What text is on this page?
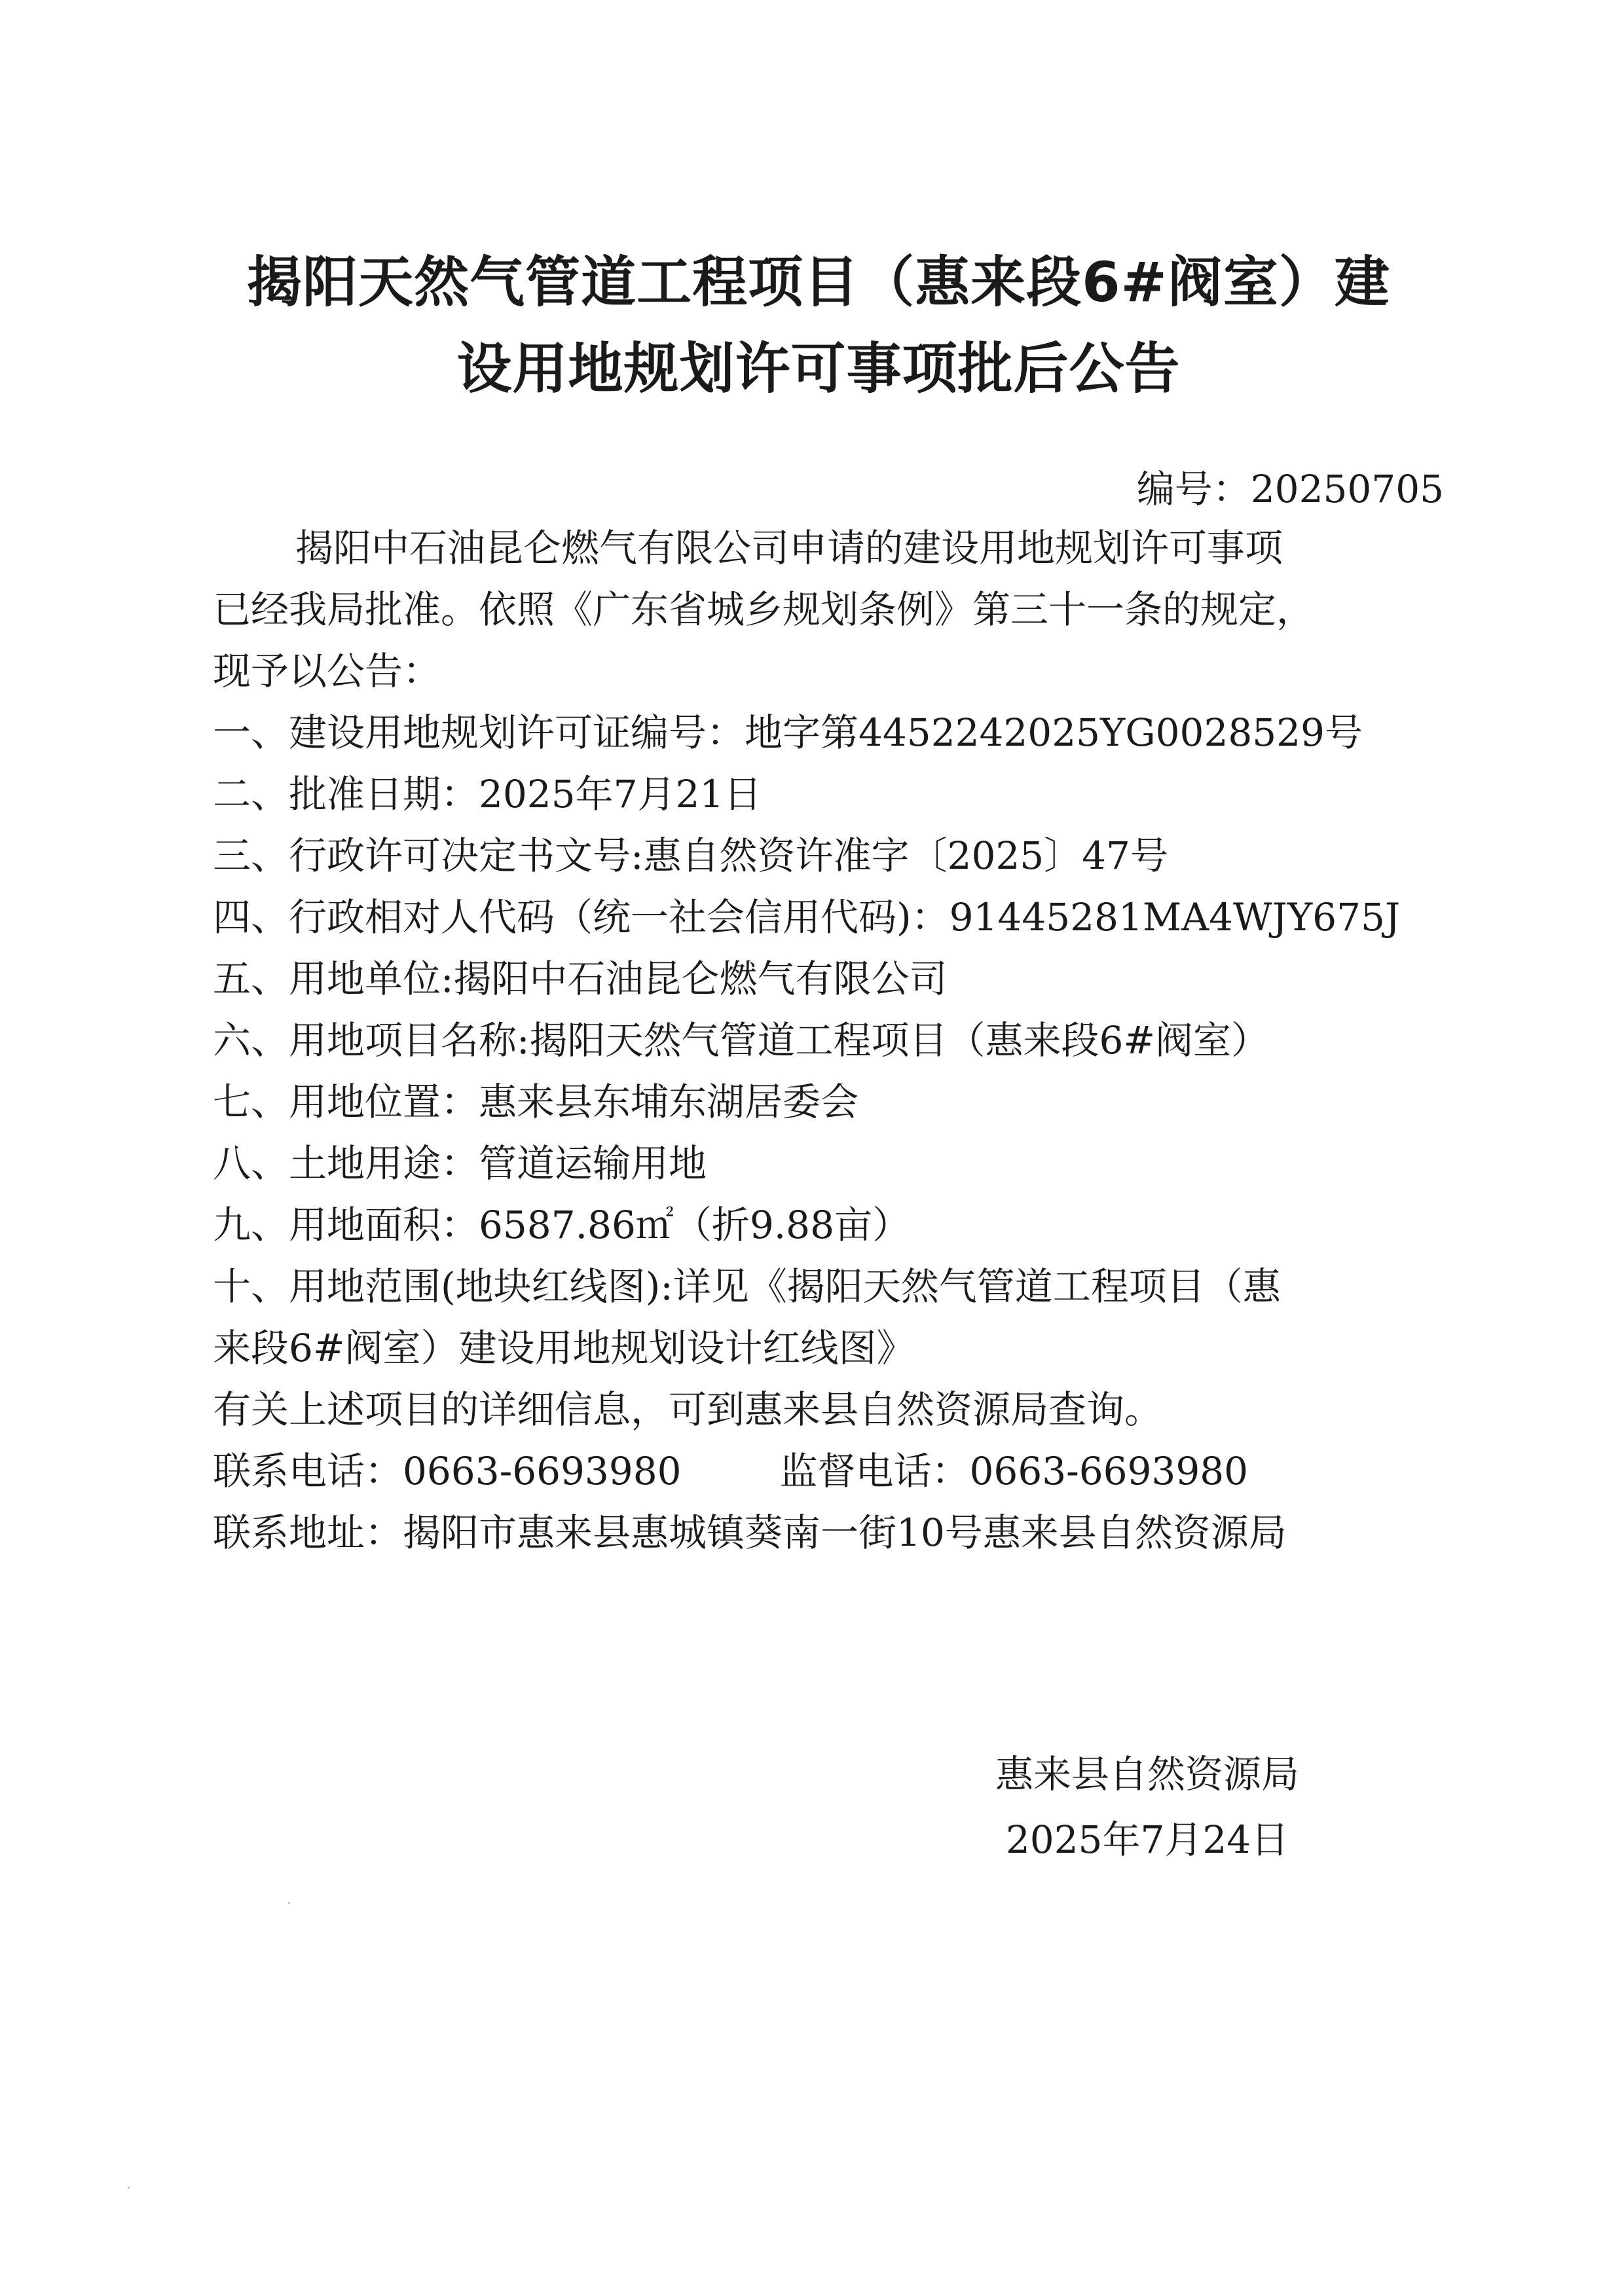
揭阳天然气管道工程项目（惠来段6#阀室）建
设用地规划许可事项批后公告
编号：20250705
揭阳中石油昆仑燃气有限公司申请的建设用地规划许可事项
已经我局批准。依照《广东省城乡规划条例》第三十一条的规定，
现予以公告：
一、建设用地规划许可证编号：地字第4452242025YG0028529号
二、批准日期：2025年7月21日
三、行政许可决定书文号:惠自然资许准字〔2025〕47号
四、行政相对人代码（统一社会信用代码)：91445281MA4WJY675J
五、用地单位:揭阳中石油昆仑燃气有限公司
六、用地项目名称:揭阳天然气管道工程项目（惠来段6#阀室）
七、用地位置：惠来县东埔东湖居委会
八、土地用途：管道运输用地
九、用地面积：6587.86㎡（折9.88亩）
十、用地范围(地块红线图):详见《揭阳天然气管道工程项目（惠
来段6#阀室）建设用地规划设计红线图》
有关上述项目的详细信息，可到惠来县自然资源局查询。
联系电话：0663-6693980	监督电话：0663-6693980
联系地址：揭阳市惠来县惠城镇葵南一街10号惠来县自然资源局
惠来县自然资源局
2025年7月24日
